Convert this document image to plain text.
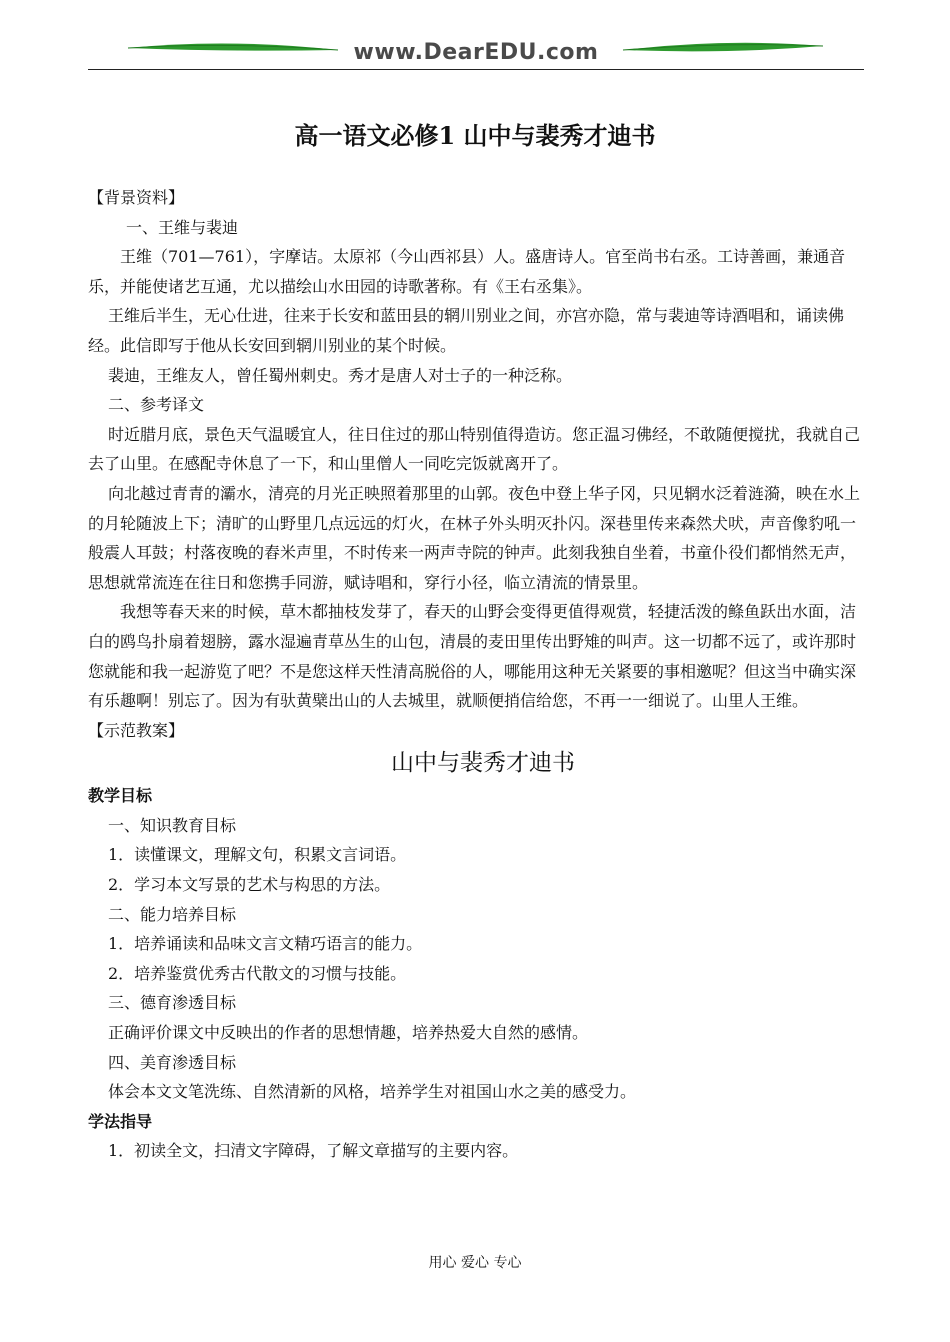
www.DearEDU.com
高一语文必修1 山中与裴秀才迪书

【背景资料】

一、王维与裴迪

王维（701—761），字摩诘。太原祁（今山西祁县）人。盛唐诗人。官至尚书右丞。工诗善画，兼通音乐，并能使诸艺互通，尤以描绘山水田园的诗歌著称。有《王右丞集》。

王维后半生，无心仕进，往来于长安和蓝田县的辋川别业之间，亦宫亦隐，常与裴迪等诗酒唱和，诵读佛经。此信即写于他从长安回到辋川别业的某个时候。

裴迪，王维友人，曾任蜀州刺史。秀才是唐人对士子的一种泛称。

二、参考译文

时近腊月底，景色天气温暖宜人，往日住过的那山特别值得造访。您正温习佛经，不敢随便搅扰，我就自己去了山里。在感配寺休息了一下，和山里僧人一同吃完饭就离开了。

向北越过青青的灞水，清亮的月光正映照着那里的山郭。夜色中登上华子冈，只见辋水泛着涟漪，映在水上的月轮随波上下；清旷的山野里几点远远的灯火，在林子外头明灭扑闪。深巷里传来森然犬吠，声音像豹吼一般震人耳鼓；村落夜晚的舂米声里，不时传来一两声寺院的钟声。此刻我独自坐着，书童仆役们都悄然无声，思想就常流连在往日和您携手同游，赋诗唱和，穿行小径，临立清流的情景里。

我想等春天来的时候，草木都抽枝发芽了，春天的山野会变得更值得观赏，轻捷活泼的鲦鱼跃出水面，洁白的鸥鸟扑扇着翅膀，露水湿遍青草丛生的山包，清晨的麦田里传出野雉的叫声。这一切都不远了，或许那时您就能和我一起游览了吧？不是您这样天性清高脱俗的人，哪能用这种无关紧要的事相邀呢？但这当中确实深有乐趣啊！别忘了。因为有驮黄檗出山的人去城里，就顺便捎信给您，不再一一细说了。山里人王维。

【示范教案】

山中与裴秀才迪书

教学目标

一、知识教育目标

1．读懂课文，理解文句，积累文言词语。

2．学习本文写景的艺术与构思的方法。

二、能力培养目标

1．培养诵读和品味文言文精巧语言的能力。

2．培养鉴赏优秀古代散文的习惯与技能。

三、德育渗透目标

正确评价课文中反映出的作者的思想情趣，培养热爱大自然的感情。

四、美育渗透目标

体会本文文笔洗练、自然清新的风格，培养学生对祖国山水之美的感受力。

学法指导

1．初读全文，扫清文字障碍，了解文章描写的主要内容。

用心 爱心 专心
